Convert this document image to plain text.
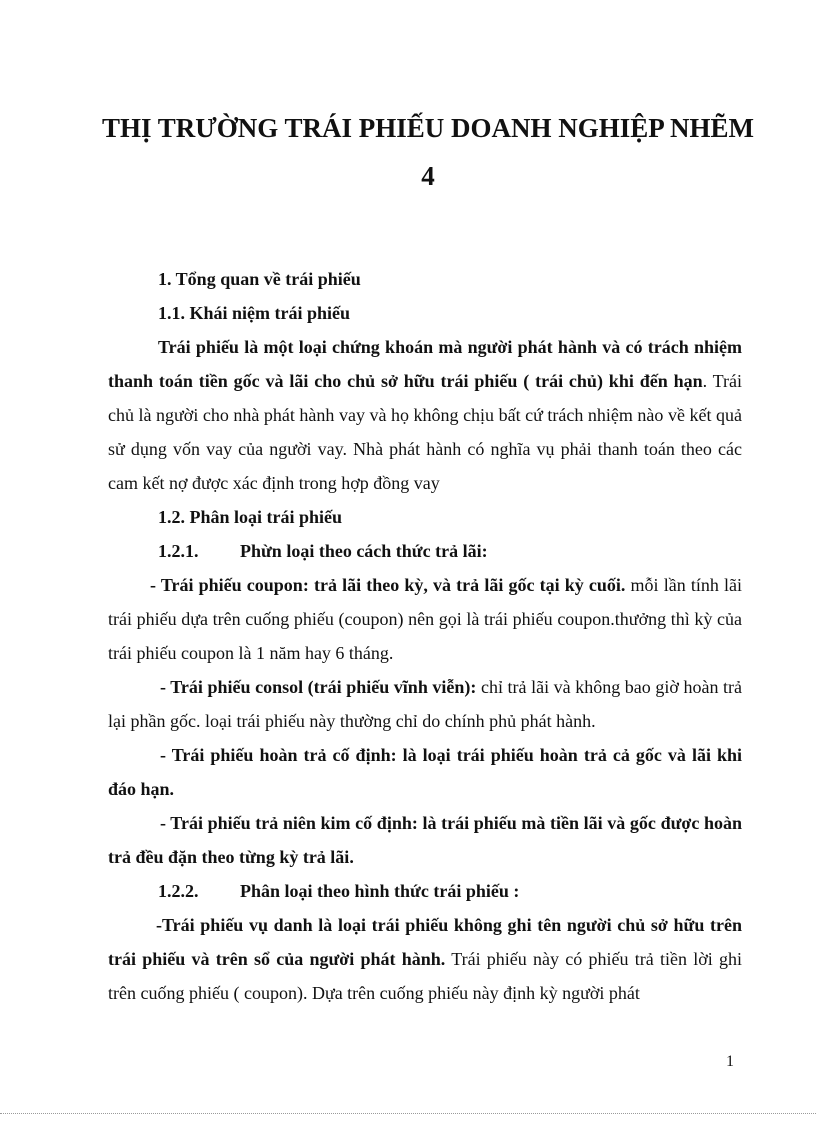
THỊ TRƯỜNG TRÁI PHIẾU DOANH NGHIỆP NHẼM
4

1. Tổng quan về trái phiếu

1.1. Khái niệm trái phiếu

Trái phiếu là một loại chứng khoán mà người phát hành và có trách nhiệm thanh toán tiền gốc và lãi cho chủ sở hữu trái phiếu ( trái chủ) khi đến hạn. Trái chủ là người cho nhà phát hành vay và họ không chịu bất cứ trách nhiệm nào về kết quả sử dụng vốn vay của người vay. Nhà phát hành có nghĩa vụ phải thanh toán theo các cam kết nợ được xác định trong hợp đồng vay

1.2. Phân loại trái phiếu

1.2.1. Phừn loại theo cách thức trả lãi:

- Trái phiếu coupon: trả lãi theo kỳ, và trả lãi gốc tại kỳ cuối. mỗi lần tính lãi trái phiếu dựa trên cuống phiếu (coupon) nên gọi là trái phiếu coupon.thưởng thì kỳ của trái phiếu coupon là 1 năm hay 6 tháng.

- Trái phiếu consol (trái phiếu vĩnh viễn): chỉ trả lãi và không bao giờ hoàn trả lại phần gốc. loại trái phiếu này thường chỉ do chính phủ phát hành.

- Trái phiếu hoàn trả cố định: là loại trái phiếu hoàn trả cả gốc và lãi khi đáo hạn.

- Trái phiếu trả niên kim cố định: là trái phiếu mà tiền lãi và gốc được hoàn trả đều đặn theo từng kỳ trả lãi.

1.2.2. Phân loại theo hình thức trái phiếu :

-Trái phiếu vụ danh là loại trái phiếu không ghi tên người chủ sở hữu trên trái phiếu và trên sổ của người phát hành. Trái phiếu này có phiếu trả tiền lời ghi trên cuống phiếu ( coupon). Dựa trên cuống phiếu này định kỳ người phát

1
